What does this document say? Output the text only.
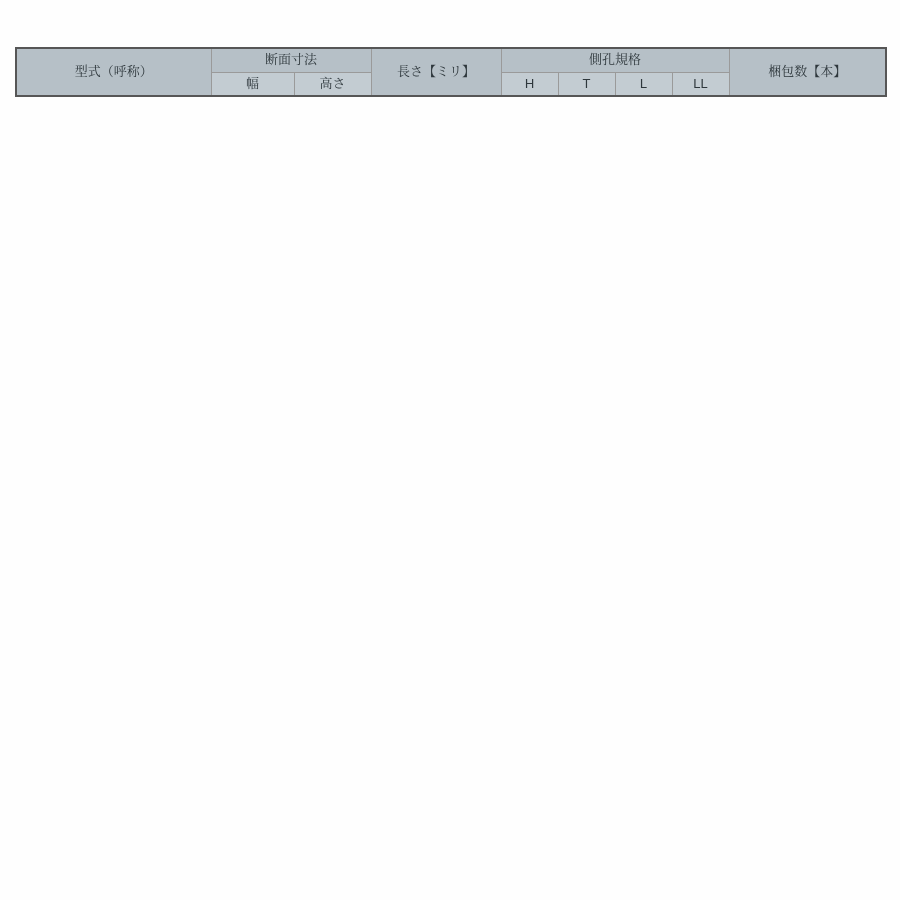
型式（呼称）	断面寸法		長さ【ミリ】	側孔規格				梱包数【本】
	幅	高さ		H	T	L	LL	
